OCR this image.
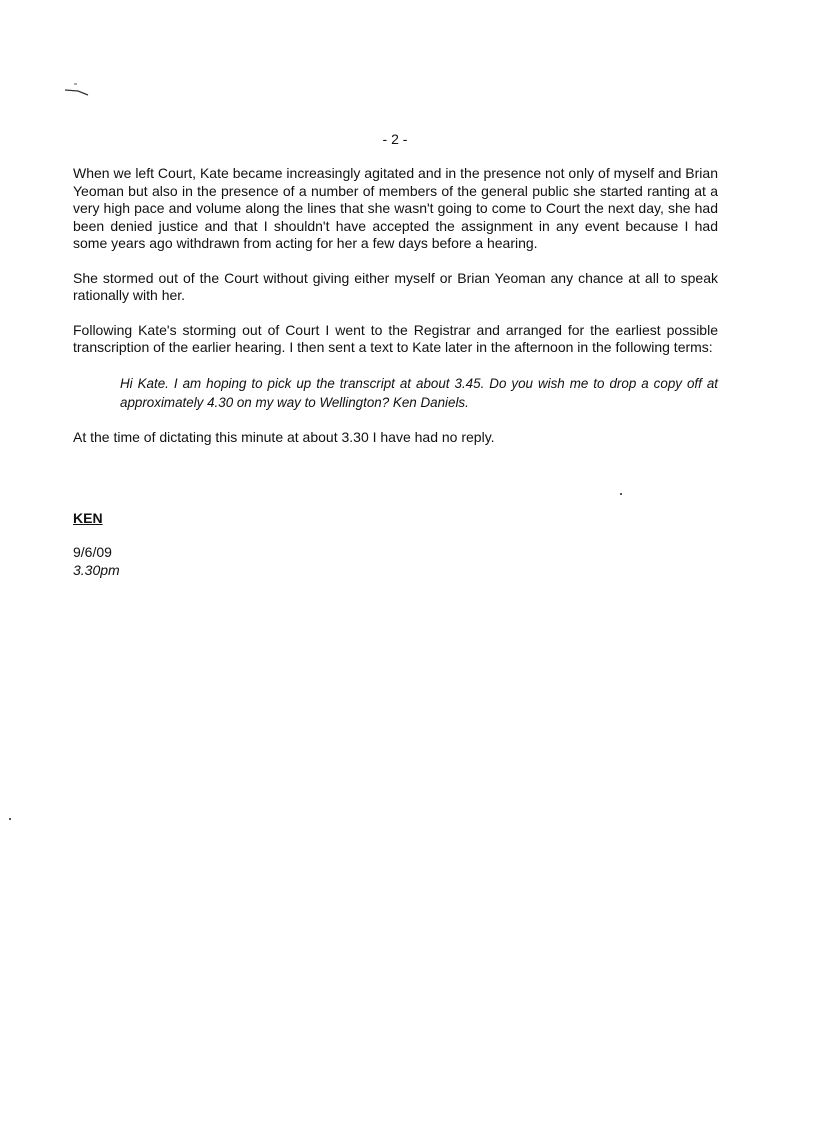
- 2 -

When we left Court, Kate became increasingly agitated and in the presence not only of myself and Brian Yeoman but also in the presence of a number of members of the general public she started ranting at a very high pace and volume along the lines that she wasn't going to come to Court the next day, she had been denied justice and that I shouldn't have accepted the assignment in any event because I had some years ago withdrawn from acting for her a few days before a hearing.

She stormed out of the Court without giving either myself or Brian Yeoman any chance at all to speak rationally with her.

Following Kate's storming out of Court I went to the Registrar and arranged for the earliest possible transcription of the earlier hearing. I then sent a text to Kate later in the afternoon in the following terms:

Hi Kate. I am hoping to pick up the transcript at about 3.45. Do you wish me to drop a copy off at approximately 4.30 on my way to Wellington? Ken Daniels.

At the time of dictating this minute at about 3.30 I have had no reply.

KEN
9/6/09
3.30pm
